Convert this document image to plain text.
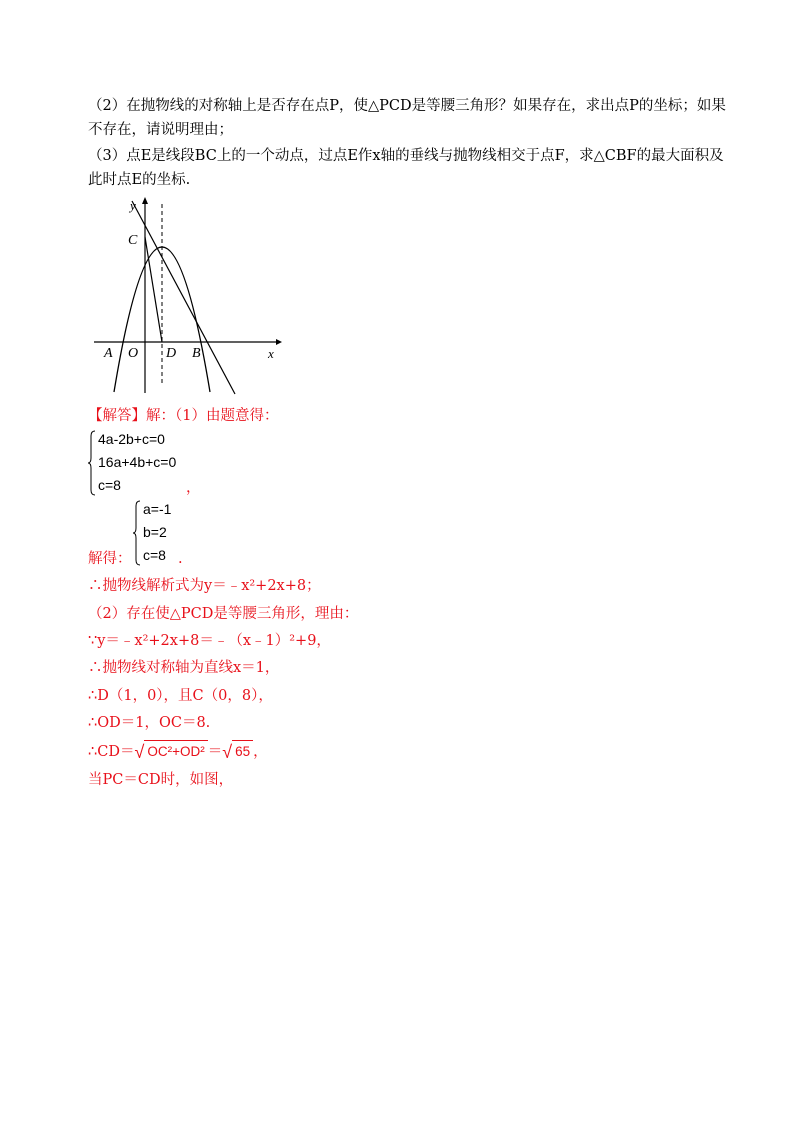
（2）在抛物线的对称轴上是否存在点P，使△PCD是等腰三角形？如果存在，求出点P的坐标；如果
不存在，请说明理由；
（3）点E是线段BC上的一个动点，过点E作x轴的垂线与抛物线相交于点F，求△CBF的最大面积及
此时点E的坐标.
y
x
C
A O D B
【解答】解：（1）由题意得：
4a-2b+c=0
16a+4b+c=0
c=8	，
解得：
a=-1
b=2
c=8 .
∴抛物线解析式为y＝﹣x²+2x+8；
（2）存在使△PCD是等腰三角形，理由：
∵y＝﹣x²+2x+8＝﹣（x﹣1）²+9，
∴抛物线对称轴为直线x＝1，
∴D（1，0），且C（0，8），
∴OD＝1，OC＝8.
∴CD＝√ OC²+OD² ＝√ 65 ，
当PC＝CD时，如图，
